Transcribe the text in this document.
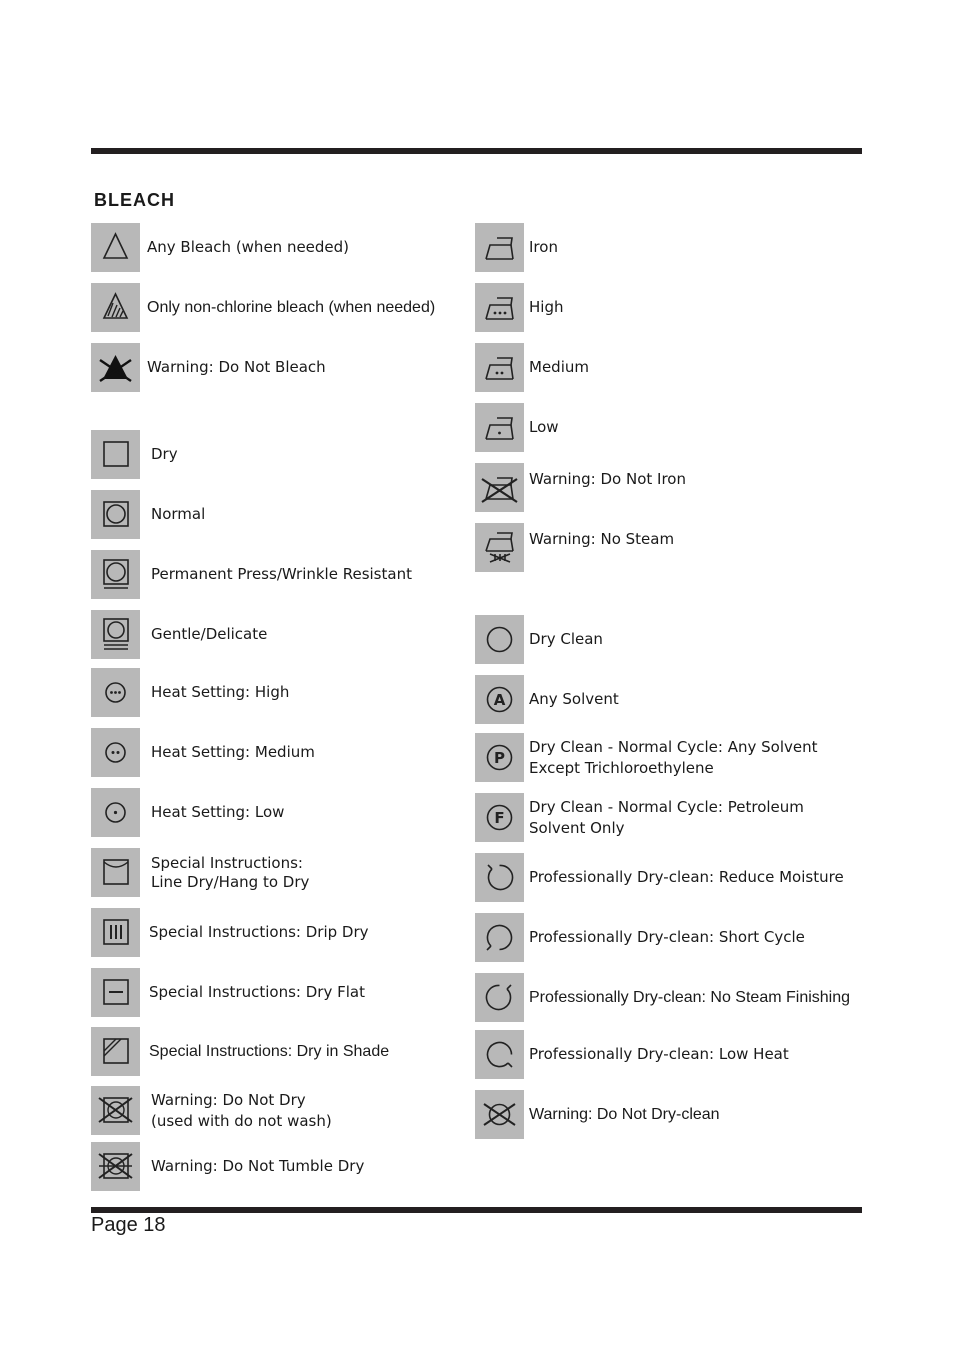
BLEACH
Any Bleach (when needed)
Only non-chlorine bleach (when needed)
Warning: Do Not Bleach
Dry
Normal
Permanent Press/Wrinkle Resistant
Gentle/Delicate
Heat Setting: High
Heat Setting: Medium
Heat Setting: Low
Special Instructions:
Line Dry/Hang to Dry
Special Instructions: Drip Dry
Special Instructions: Dry Flat
Special Instructions: Dry in Shade
Warning: Do Not Dry
(used with do not wash)
Warning: Do Not Tumble Dry
Iron
High
Medium
Low
Warning: Do Not Iron
Warning: No Steam
Dry Clean
A Any Solvent
P
Dry Clean - Normal Cycle: Any Solvent
Except Trichloroethylene
F
Dry Clean - Normal Cycle: Petroleum
Solvent Only
Professionally Dry-clean: Reduce Moisture
Professionally Dry-clean: Short Cycle
Professionally Dry-clean: No Steam Finishing
Professionally Dry-clean: Low Heat
Warning: Do Not Dry-clean
Page 18
